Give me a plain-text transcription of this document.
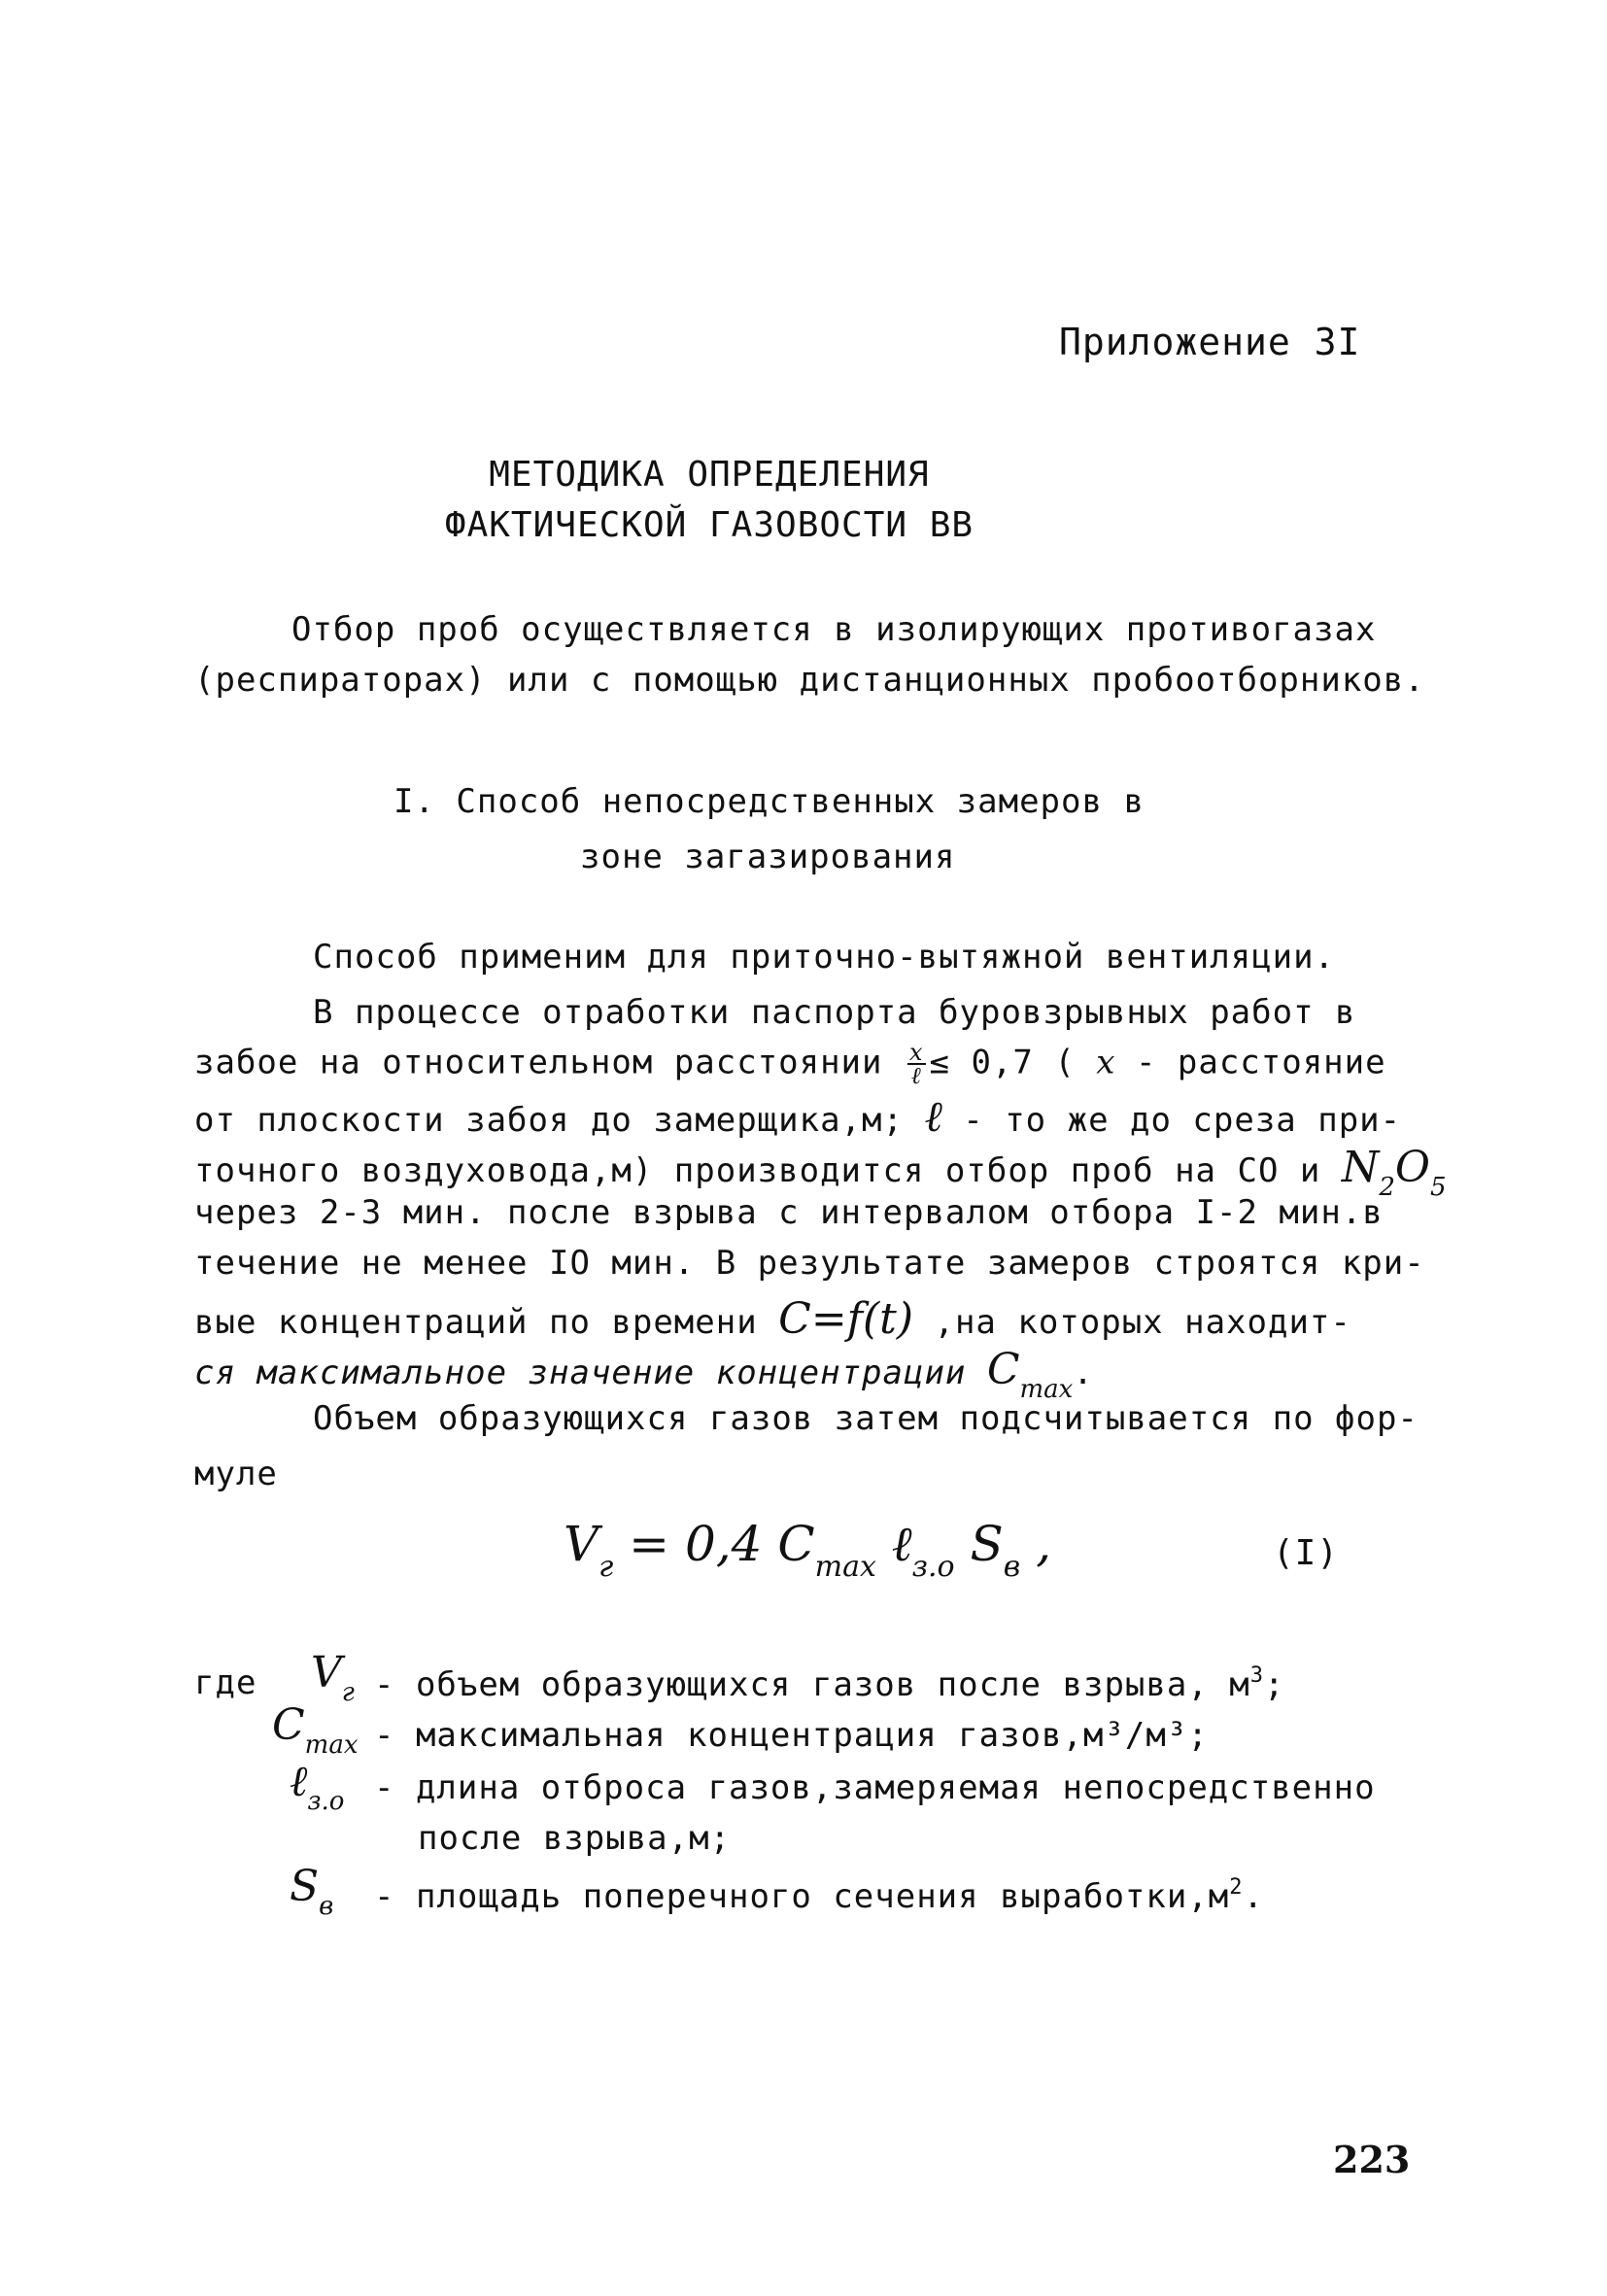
Приложение 3I
МЕТОДИКА ОПРЕДЕЛЕНИЯ
ФАКТИЧЕСКОЙ ГАЗОВОСТИ ВВ
Отбор проб осуществляется в изолирующих противогазах
(респираторах) или с помощью дистанционных пробоотборников.
I. Способ непосредственных замеров в
зоне загазирования
Способ применим для приточно-вытяжной вентиляции.
В процессе отработки паспорта буровзрывных работ в
забое на относительном расстоянии $\frac{x}{\text{ℓ}} \le 0,7$ ( x - расстояние
от плоскости забоя до замерщика,м; ℓ - то же до среза при-
точного воздуховода,м) производится отбор проб на СО и $N_2O_5$
через 2-3 мин. после взрыва с интервалом отбора I-2 мин.в
течение не менее IO мин. В результате замеров строятся кри-
вые концентраций по времени C=f(t) ,на которых находит-
ся максимальное значение концентрации $C_{max}$.
Объем образующихся газов затем подсчитывается по фор-
муле
$V_г = 0,4$ $C_{max}$ ℓ$_{з.о}$ $S_в$ ,	(I)
где $V_г$ - объем образующихся газов после взрыва, $м^3$;
$C_{max}$ - максимальная концентрация газов,м³/м³;
ℓ$_{з.о}$ - длина отброса газов,замеряемая непосредственно
после взрыва,м;
$S_в$ - площадь поперечного сечения $выработки,м^2$.
223
